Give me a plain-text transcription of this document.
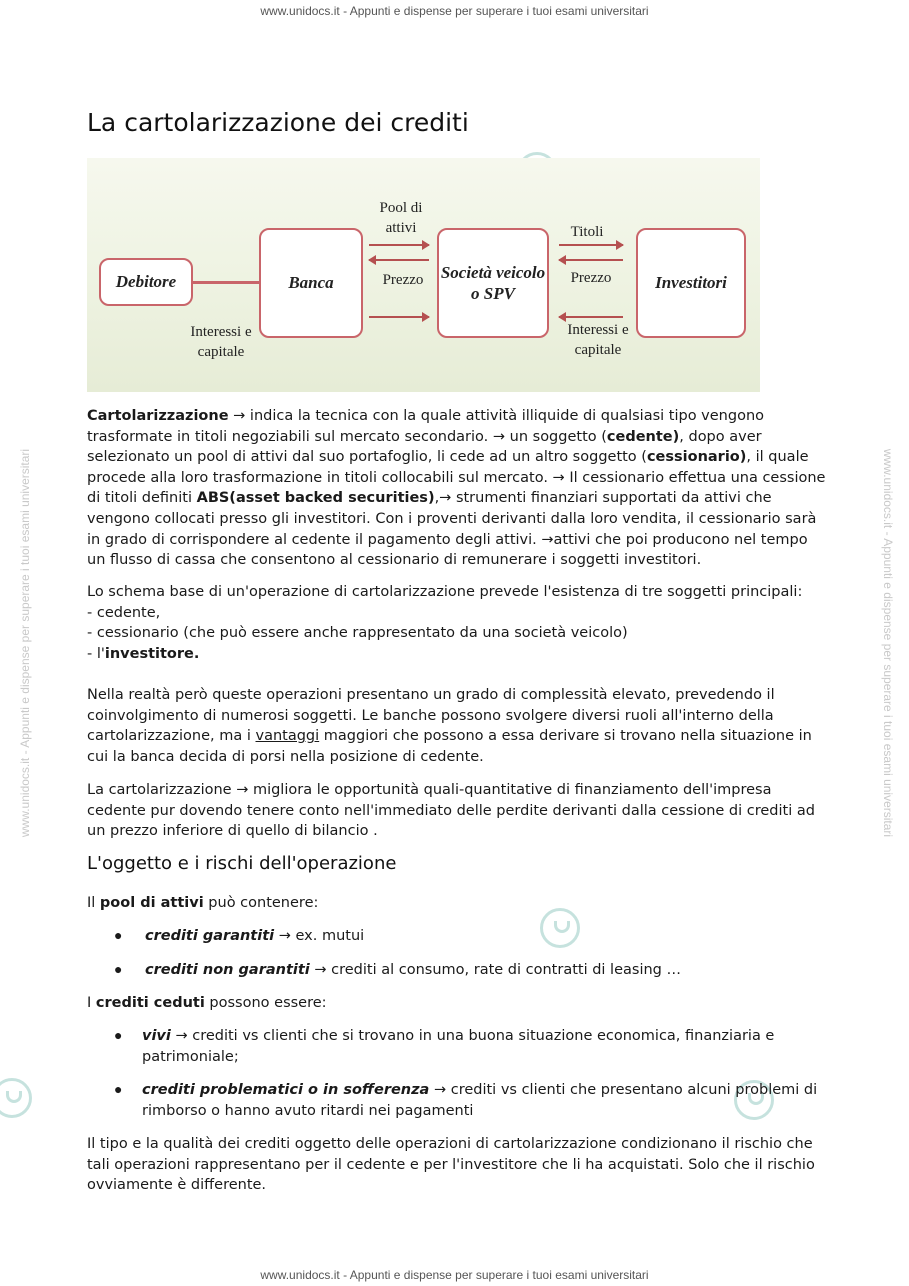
www.unidocs.it - Appunti e dispense per superare i tuoi esami universitari
www.unidocs.it - Appunti e dispense per superare i tuoi esami universitari
www.unidocs.it - Appunti e dispense per superare i tuoi esami universitari	www.unidocs.it - Appunti e dispense per superare i tuoi esami universitari
La cartolarizzazione dei crediti
Debitore	Banca
Società veicolo o SPV
Investitori
Pool di attivi
Prezzo
Titoli
Prezzo
Interessi e capitale
Interessi e capitale

Cartolarizzazione → indica la tecnica con la quale attività illiquide di qualsiasi tipo vengono trasformate in titoli negoziabili sul mercato secondario. → un soggetto (cedente), dopo aver selezionato un pool di attivi dal suo portafoglio, li cede ad un altro soggetto (cessionario), il quale procede alla loro trasformazione in titoli collocabili sul mercato. → Il cessionario effettua una cessione di titoli definiti ABS(asset backed securities),→ strumenti finanziari supportati da attivi che vengono collocati presso gli investitori. Con i proventi derivanti dalla loro vendita, il cessionario sarà in grado di corrispondere al cedente il pagamento degli attivi. →attivi che poi producono nel tempo un flusso di cassa che consentono al cessionario di remunerare i soggetti investitori.

Lo schema base di un'operazione di cartolarizzazione prevede l'esistenza di tre soggetti principali:

- cedente,

- cessionario (che può essere anche rappresentato da una società veicolo)

- l'investitore.

Nella realtà però queste operazioni presentano un grado di complessità elevato, prevedendo il coinvolgimento di numerosi soggetti. Le banche possono svolgere diversi ruoli all'interno della cartolarizzazione, ma i vantaggi maggiori che possono a essa derivare si trovano nella situazione in cui la banca decida di porsi nella posizione di cedente.

La cartolarizzazione → migliora le opportunità quali-quantitative di finanziamento dell'impresa cedente pur dovendo tenere conto nell'immediato delle perdite derivanti dalla cessione di crediti ad un prezzo inferiore di quello di bilancio .
L'oggetto e i rischi dell'operazione

Il pool di attivi può contenere:

● crediti garantiti → ex. mutui
● crediti non garantiti → crediti al consumo, rate di contratti di leasing …

I crediti ceduti possono essere:

● vivi → crediti vs clienti che si trovano in una buona situazione economica, finanziaria e patrimoniale;
● crediti problematici o in sofferenza → crediti vs clienti che presentano alcuni problemi di rimborso o hanno avuto ritardi nei pagamenti
Il tipo e la qualità dei crediti oggetto delle operazioni di cartolarizzazione condizionano il rischio che tali operazioni rappresentano per il cedente e per l'investitore che li ha acquistati. Solo che il rischio ovviamente è differente.
